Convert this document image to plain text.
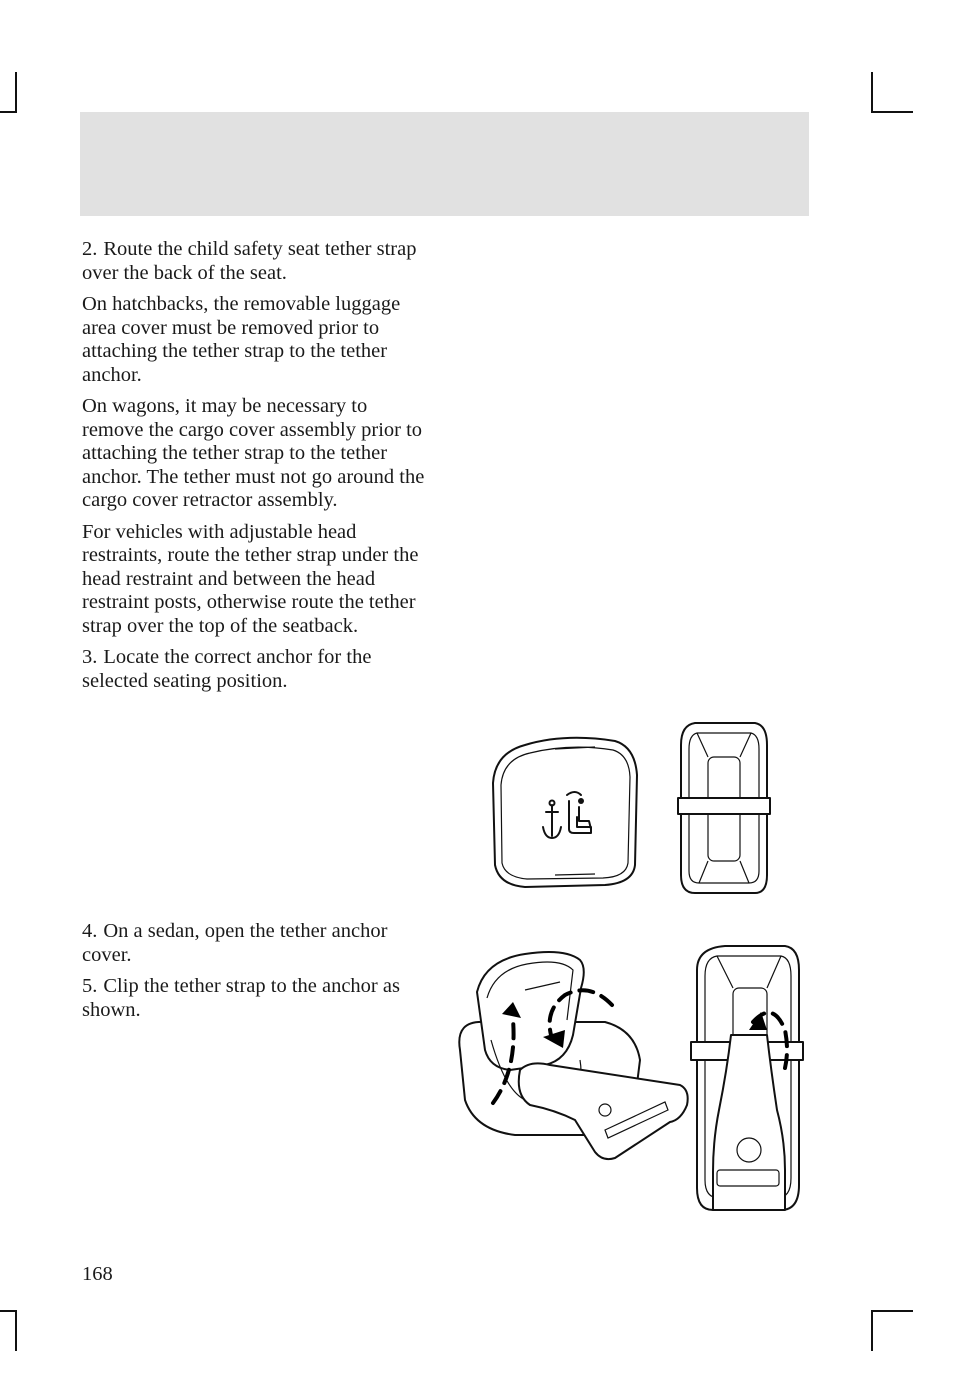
2. Route the child safety seat tether strap over the back of the seat.

On hatchbacks, the removable luggage area cover must be removed prior to attaching the tether strap to the tether anchor.

On wagons, it may be necessary to remove the cargo cover assembly prior to attaching the tether strap to the tether anchor. The tether must not go around the cargo cover retractor assembly.

For vehicles with adjustable head restraints, route the tether strap under the head restraint and between the head restraint posts, otherwise route the tether strap over the top of the seatback.

3. Locate the correct anchor for the selected seating position.

4. On a sedan, open the tether anchor cover.

5. Clip the tether strap to the anchor as shown.

168
